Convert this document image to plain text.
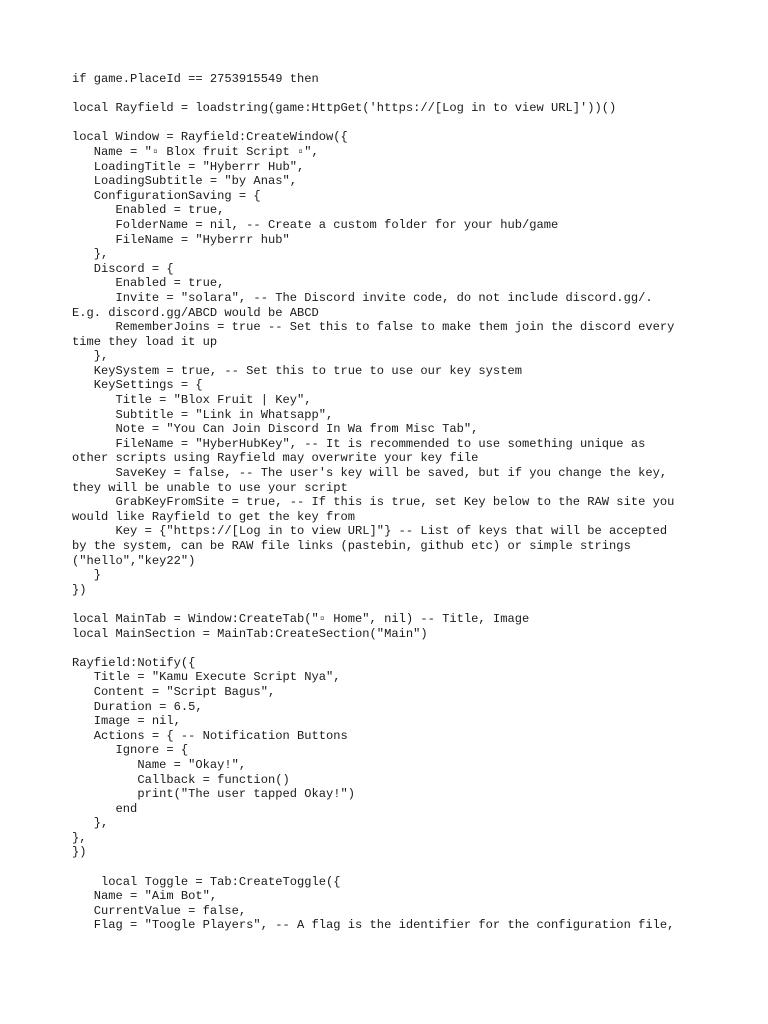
if game.PlaceId == 2753915549 then
local Rayfield = loadstring(game:HttpGet('https://[Log in to view URL]'))()
local Window = Rayfield:CreateWindow({
Name = "▫ Blox fruit Script ▫",
LoadingTitle = "Hyberrr Hub",
LoadingSubtitle = "by Anas",
ConfigurationSaving = {
Enabled = true,
FolderName = nil, -- Create a custom folder for your hub/game
FileName = "Hyberrr hub"
},
Discord = {
Enabled = true,
Invite = "solara", -- The Discord invite code, do not include discord.gg/.
E.g. discord.gg/ABCD would be ABCD
RememberJoins = true -- Set this to false to make them join the discord every
time they load it up
},
KeySystem = true, -- Set this to true to use our key system
KeySettings = {
Title = "Blox Fruit | Key",
Subtitle = "Link in Whatsapp",
Note = "You Can Join Discord In Wa from Misc Tab",
FileName = "HyberHubKey", -- It is recommended to use something unique as
other scripts using Rayfield may overwrite your key file
SaveKey = false, -- The user's key will be saved, but if you change the key,
they will be unable to use your script
GrabKeyFromSite = true, -- If this is true, set Key below to the RAW site you
would like Rayfield to get the key from
Key = {"https://[Log in to view URL]"} -- List of keys that will be accepted
by the system, can be RAW file links (pastebin, github etc) or simple strings
("hello","key22")
}
})
local MainTab = Window:CreateTab("▫ Home", nil) -- Title, Image
local MainSection = MainTab:CreateSection("Main")
Rayfield:Notify({
Title = "Kamu Execute Script Nya",
Content = "Script Bagus",
Duration = 6.5,
Image = nil,
Actions = { -- Notification Buttons
Ignore = {
Name = "Okay!",
Callback = function()
print("The user tapped Okay!")
end
},
},
})
local Toggle = Tab:CreateToggle({
Name = "Aim Bot",
CurrentValue = false,
Flag = "Toogle Players", -- A flag is the identifier for the configuration file,
